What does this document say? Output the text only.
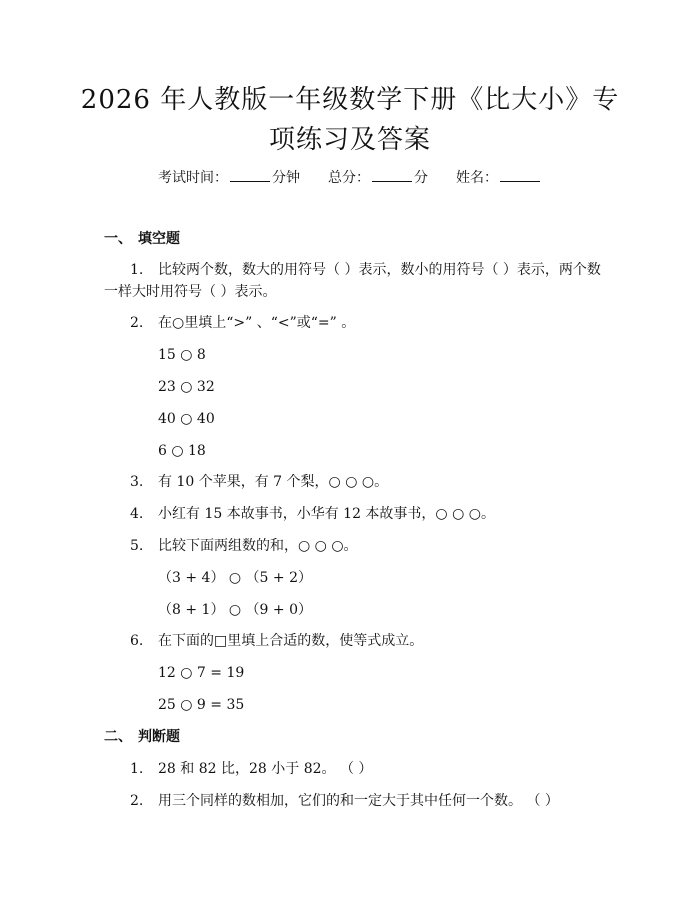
2026 年人教版一年级数学下册《比大小》专
项练习及答案
考试时间：	分钟 总分：	分 姓名：
一、 填空题
1. 比较两个数，数大的用符号（ ）表示，数小的用符号（ ）表示，两个数
一样大时用符号（ ）表示。
2. 在○里填上“>” 、“<”或“=” 。
15 ○ 8
23 ○ 32
40 ○ 40
6 ○ 18
3. 有 10 个苹果，有 7 个梨，○ ○ ○。
4. 小红有 15 本故事书，小华有 12 本故事书，○ ○ ○。
5. 比较下面两组数的和，○ ○ ○。
（3 + 4） ○ （5 + 2）
（8 + 1） ○ （9 + 0）
6. 在下面的□里填上合适的数，使等式成立。
12 ○ 7 = 19
25 ○ 9 = 35
二、 判断题
1. 28 和 82 比，28 小于 82。 （ ）
2. 用三个同样的数相加，它们的和一定大于其中任何一个数。 （ ）
